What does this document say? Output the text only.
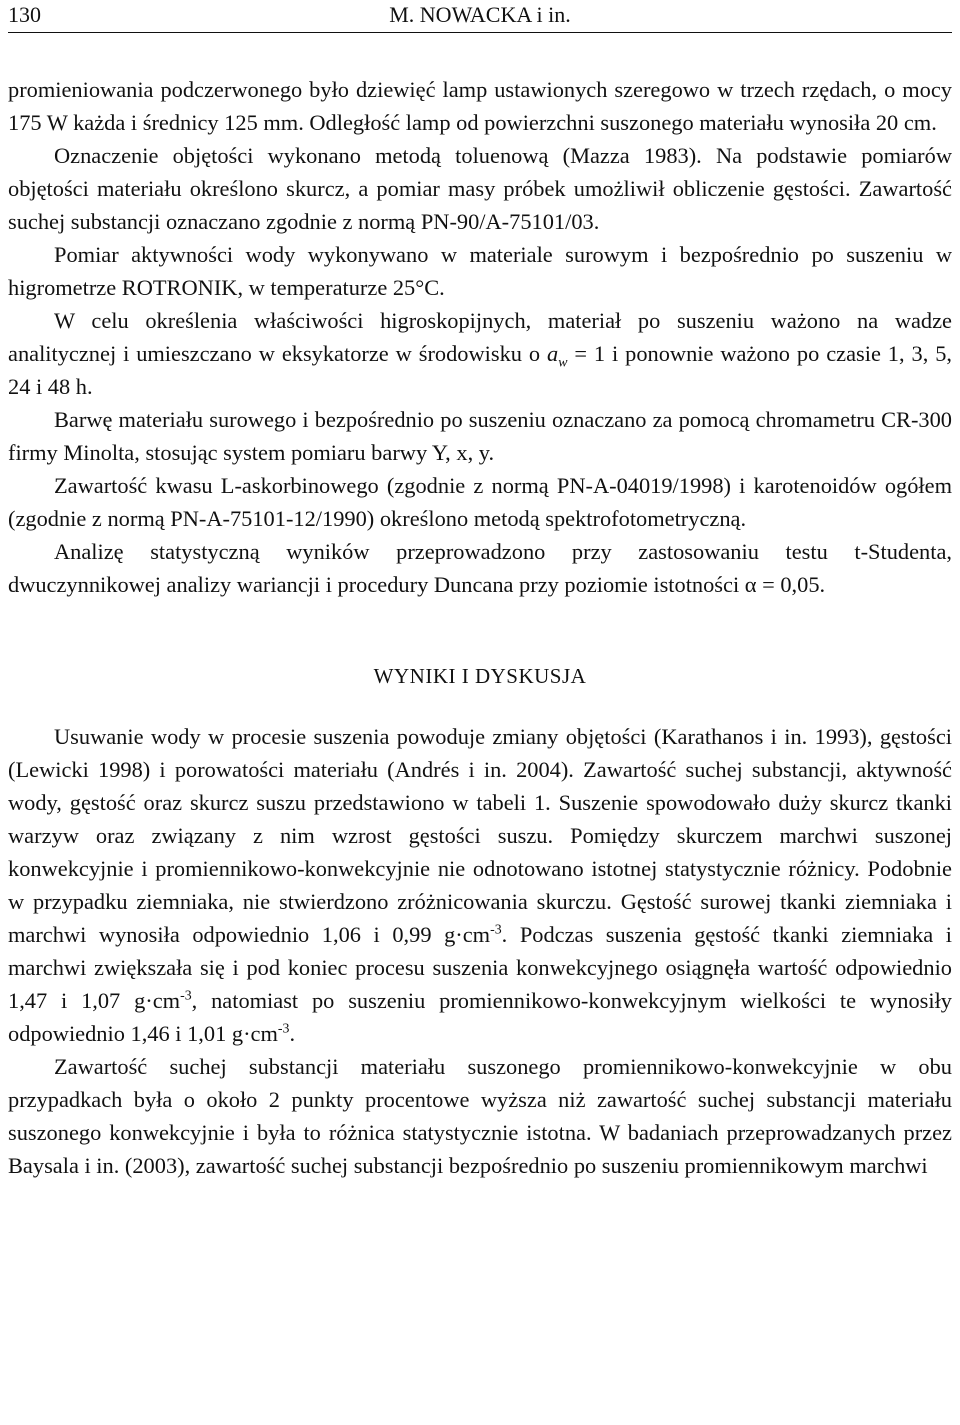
130	M. NOWACKA i in.

promieniowania podczerwonego było dziewięć lamp ustawionych szeregowo w trzech rzędach, o mocy 175 W każda i średnicy 125 mm. Odległość lamp od powierzchni suszonego materiału wynosiła 20 cm.

Oznaczenie objętości wykonano metodą toluenową (Mazza 1983). Na podstawie pomiarów objętości materiału określono skurcz, a pomiar masy próbek umożliwił obliczenie gęstości. Zawartość suchej substancji oznaczano zgodnie z normą PN-90/A-75101/03.

Pomiar aktywności wody wykonywano w materiale surowym i bezpośrednio po suszeniu w higrometrze ROTRONIK, w temperaturze 25°C.

W celu określenia właściwości higroskopijnych, materiał po suszeniu ważono na wadze analitycznej i umieszczano w eksykatorze w środowisku o $a_w = 1$ i ponownie ważono po czasie 1, 3, 5, 24 i 48 h.

Barwę materiału surowego i bezpośrednio po suszeniu oznaczano za pomocą chromametru CR-300 firmy Minolta, stosując system pomiaru barwy Y, x, y.

Zawartość kwasu L-askorbinowego (zgodnie z normą PN-A-04019/1998) i karotenoidów ogółem (zgodnie z normą PN-A-75101-12/1990) określono metodą spektrofotometryczną.

Analizę statystyczną wyników przeprowadzono przy zastosowaniu testu t-Studenta, dwuczynnikowej analizy wariancji i procedury Duncana przy poziomie istotności α = 0,05.

WYNIKI I DYSKUSJA

Usuwanie wody w procesie suszenia powoduje zmiany objętości (Karathanos i in. 1993), gęstości (Lewicki 1998) i porowatości materiału (Andrés i in. 2004). Zawartość suchej substancji, aktywność wody, gęstość oraz skurcz suszu przedstawiono w tabeli 1. Suszenie spowodowało duży skurcz tkanki warzyw oraz związany z nim wzrost gęstości suszu. Pomiędzy skurczem marchwi suszonej konwekcyjnie i promiennikowo-konwekcyjnie nie odnotowano istotnej statystycznie różnicy. Podobnie w przypadku ziemniaka, nie stwierdzono zróżnicowania skurczu. Gęstość surowej tkanki ziemniaka i marchwi wynosiła odpowiednio 1,06 i 0,99 $g\cdot cm^{-3}$. Podczas suszenia gęstość tkanki ziemniaka i marchwi zwiększała się i pod koniec procesu suszenia konwekcyjnego osiągnęła wartość odpowiednio 1,47 i 1,07 $g\cdot cm^{-3}$, natomiast po suszeniu promiennikowo-konwekcyjnym wielkości te wynosiły odpowiednio 1,46 i 1,01 $g\cdot cm^{-3}$.

Zawartość suchej substancji materiału suszonego promiennikowo-konwekcyjnie w obu przypadkach była o około 2 punkty procentowe wyższa niż zawartość suchej substancji materiału suszonego konwekcyjnie i była to różnica statystycznie istotna. W badaniach przeprowadzanych przez Baysala i in. (2003), zawartość suchej substancji bezpośrednio po suszeniu promiennikowym marchwi
